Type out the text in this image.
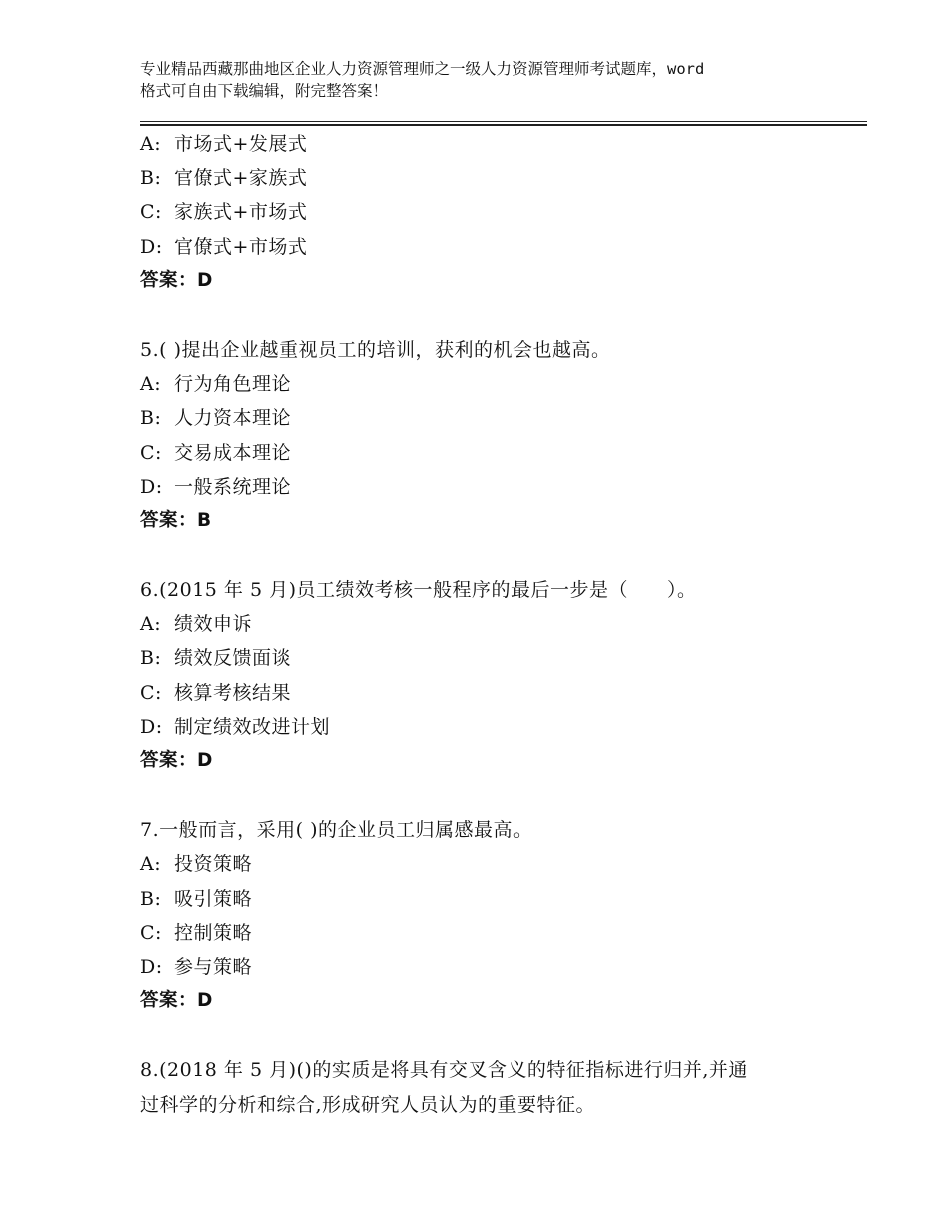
专业精品西藏那曲地区企业人力资源管理师之一级人力资源管理师考试题库，word
格式可自由下载编辑，附完整答案！
A: 市场式+发展式
B: 官僚式+家族式
C: 家族式+市场式
D: 官僚式+市场式
答案：D
5.( )提出企业越重视员工的培训，获利的机会也越高。
A: 行为角色理论
B: 人力资本理论
C: 交易成本理论
D: 一般系统理论
答案：B
6.(2015 年 5 月)员工绩效考核一般程序的最后一步是（　　）。
A: 绩效申诉
B: 绩效反馈面谈
C: 核算考核结果
D: 制定绩效改进计划
答案：D
7.一般而言，采用( )的企业员工归属感最高。
A: 投资策略
B: 吸引策略
C: 控制策略
D: 参与策略
答案：D
8.(2018 年 5 月)()的实质是将具有交叉含义的特征指标进行归并,并通
过科学的分析和综合,形成研究人员认为的重要特征。
